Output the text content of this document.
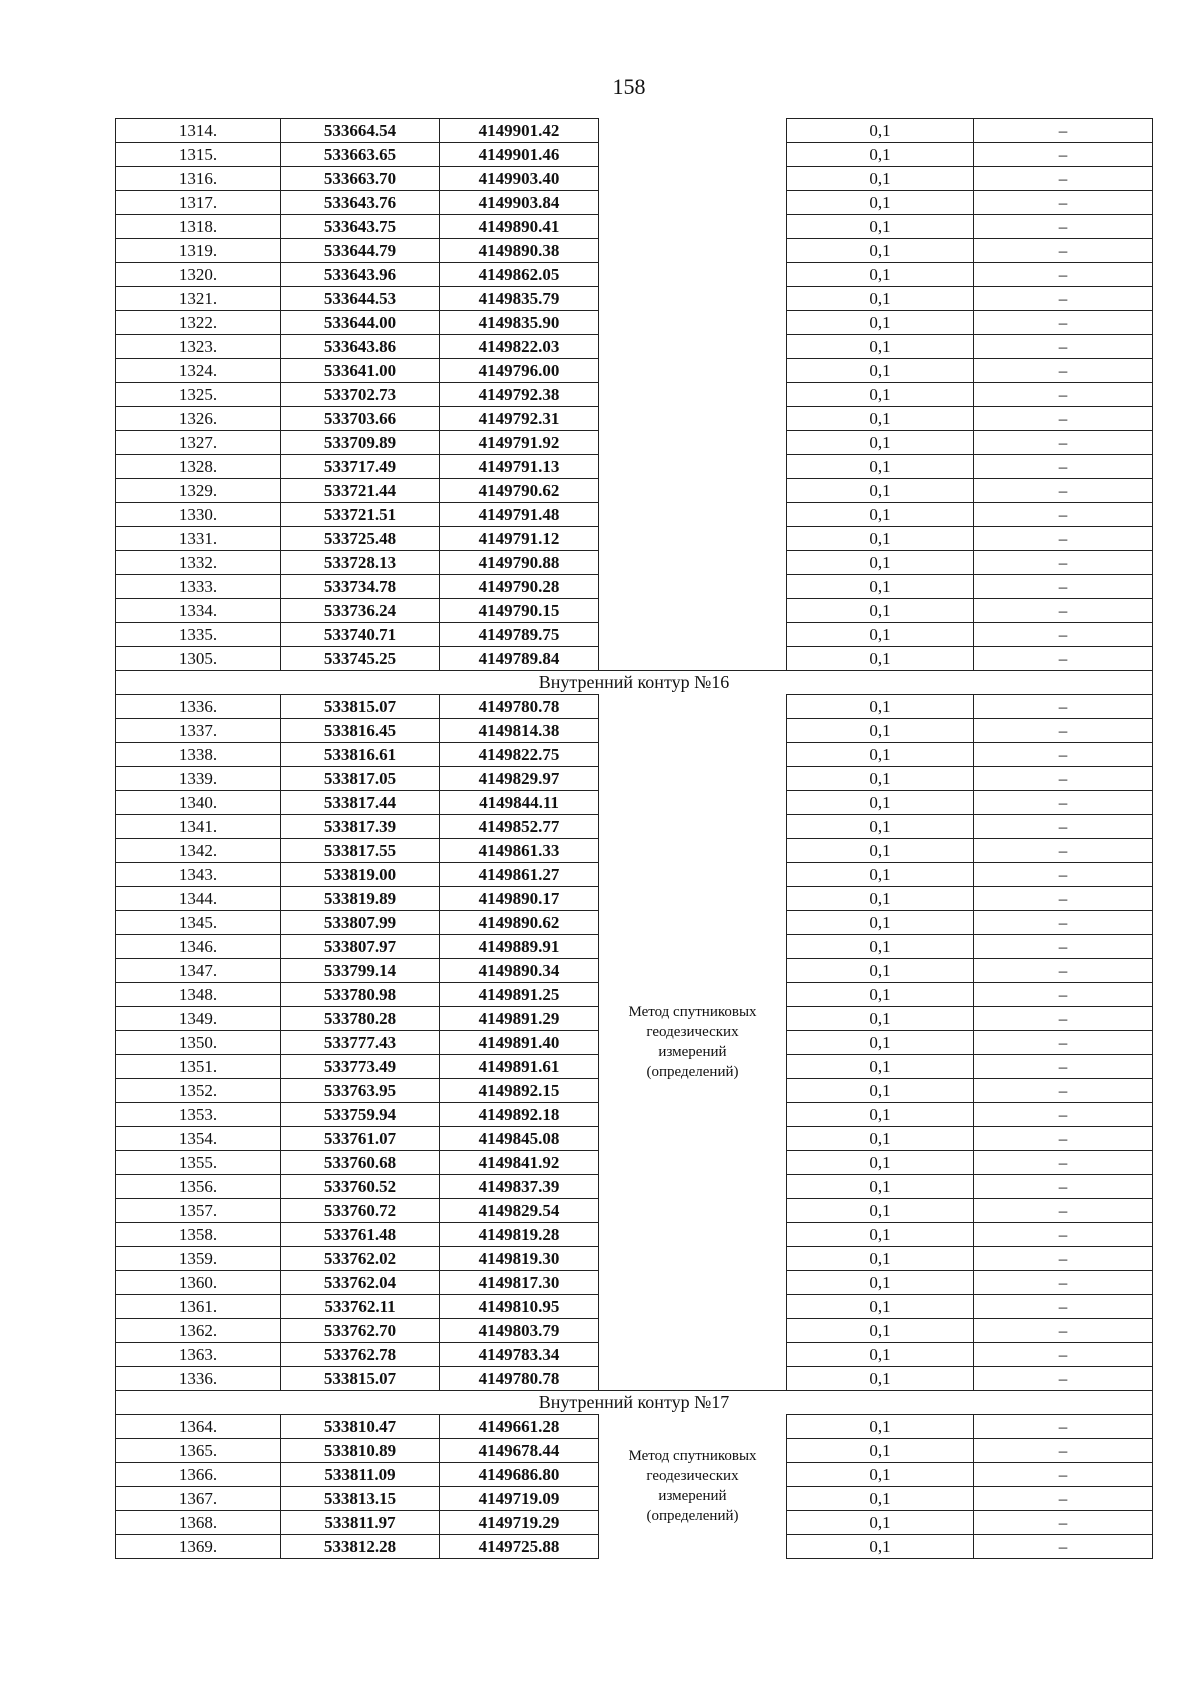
158
1314.	533664.54	4149901.42	0,1	–
1315.	533663.65	4149901.46	0,1	–
1316.	533663.70	4149903.40	0,1	–
1317.	533643.76	4149903.84	0,1	–
1318.	533643.75	4149890.41	0,1	–
1319.	533644.79	4149890.38	0,1	–
1320.	533643.96	4149862.05	0,1	–
1321.	533644.53	4149835.79	0,1	–
1322.	533644.00	4149835.90	0,1	–
1323.	533643.86	4149822.03	0,1	–
1324.	533641.00	4149796.00	0,1	–
1325.	533702.73	4149792.38	0,1	–
1326.	533703.66	4149792.31	0,1	–
1327.	533709.89	4149791.92	0,1	–
1328.	533717.49	4149791.13	0,1	–
1329.	533721.44	4149790.62	0,1	–
1330.	533721.51	4149791.48	0,1	–
1331.	533725.48	4149791.12	0,1	–
1332.	533728.13	4149790.88	0,1	–
1333.	533734.78	4149790.28	0,1	–
1334.	533736.24	4149790.15	0,1	–
1335.	533740.71	4149789.75	0,1	–
1305.	533745.25	4149789.84	0,1	–
Внутренний контур №16
1336.	533815.07	4149780.78	0,1	–
1337.	533816.45	4149814.38	0,1	–
1338.	533816.61	4149822.75	0,1	–
1339.	533817.05	4149829.97	0,1	–
1340.	533817.44	4149844.11	0,1	–
1341.	533817.39	4149852.77	0,1	–
1342.	533817.55	4149861.33	0,1	–
1343.	533819.00	4149861.27	0,1	–
1344.	533819.89	4149890.17	0,1	–
1345.	533807.99	4149890.62	0,1	–
1346.	533807.97	4149889.91	0,1	–
1347.	533799.14	4149890.34	0,1	–
1348.	533780.98	4149891.25	0,1	–
1349.	533780.28	4149891.29	0,1	–
1350.	533777.43	4149891.40	0,1	–
1351.	533773.49	4149891.61	0,1	–
1352.	533763.95	4149892.15	0,1	–
1353.	533759.94	4149892.18	0,1	–
1354.	533761.07	4149845.08	0,1	–
1355.	533760.68	4149841.92	0,1	–
1356.	533760.52	4149837.39	0,1	–
1357.	533760.72	4149829.54	0,1	–
1358.	533761.48	4149819.28	0,1	–
1359.	533762.02	4149819.30	0,1	–
1360.	533762.04	4149817.30	0,1	–
1361.	533762.11	4149810.95	0,1	–
1362.	533762.70	4149803.79	0,1	–
1363.	533762.78	4149783.34	0,1	–
1336.	533815.07	4149780.78	0,1	–
Метод спутниковых
геодезических
измерений
(определений)
Внутренний контур №17
1364.	533810.47	4149661.28	0,1	–
1365.	533810.89	4149678.44	0,1	–
1366.	533811.09	4149686.80	0,1	–
1367.	533813.15	4149719.09	0,1	–
1368.	533811.97	4149719.29	0,1	–
1369.	533812.28	4149725.88	0,1	–
Метод спутниковых
геодезических
измерений
(определений)
